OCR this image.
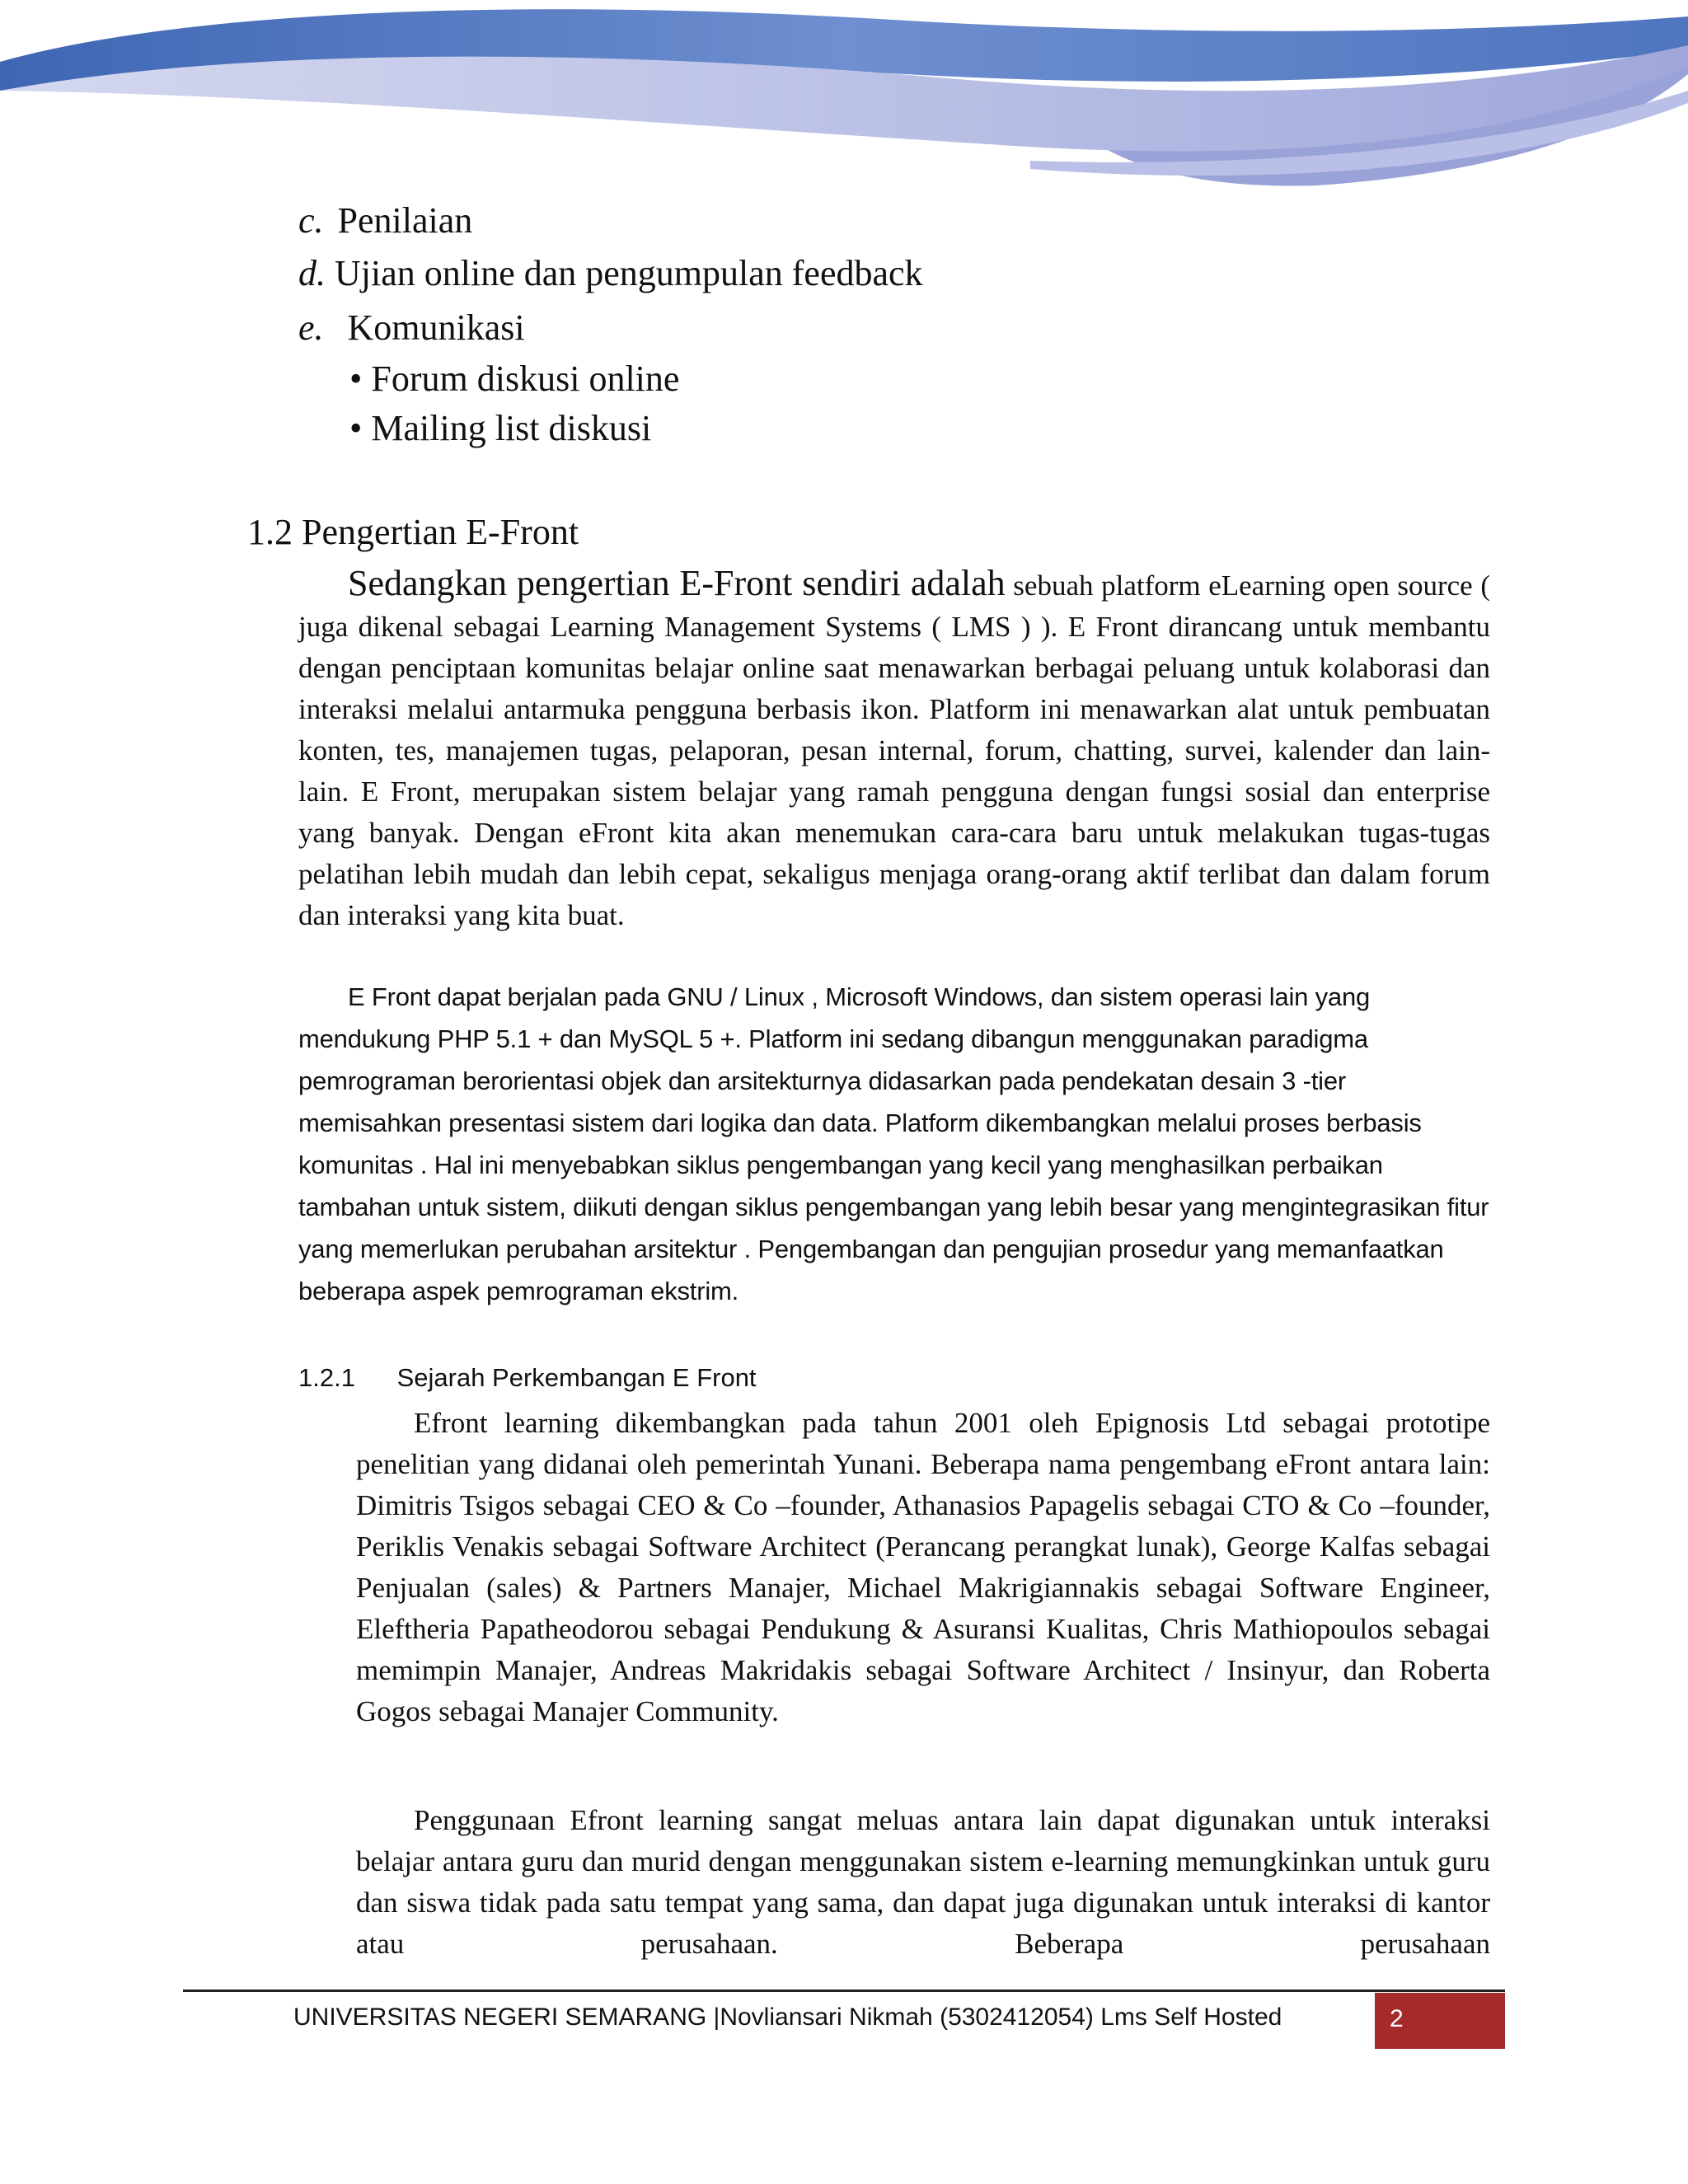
c. Penilaian
d. Ujian online dan pengumpulan feedback
e. Komunikasi
• Forum diskusi online
• Mailing list diskusi
1.2 Pengertian E-Front
Sedangkan pengertian E-Front sendiri adalah sebuah platform eLearning open source ( juga dikenal sebagai Learning Management Systems ( LMS ) ). E Front dirancang untuk membantu dengan penciptaan komunitas belajar online saat menawarkan berbagai peluang untuk kolaborasi dan interaksi melalui antarmuka pengguna berbasis ikon. Platform ini menawarkan alat untuk pembuatan konten, tes, manajemen tugas, pelaporan, pesan internal, forum, chatting, survei, kalender dan lain-lain. E Front, merupakan sistem belajar yang ramah pengguna dengan fungsi sosial dan enterprise yang banyak. Dengan eFront kita akan menemukan cara-cara baru untuk melakukan tugas-tugas pelatihan lebih mudah dan lebih cepat, sekaligus menjaga orang-orang aktif terlibat dan dalam forum dan interaksi yang kita buat.
E Front dapat berjalan pada GNU / Linux , Microsoft Windows, dan sistem operasi lain yang mendukung PHP 5.1 + dan MySQL 5 +. Platform ini sedang dibangun menggunakan paradigma pemrograman berorientasi objek dan arsitekturnya didasarkan pada pendekatan desain 3 -tier memisahkan presentasi sistem dari logika dan data. Platform dikembangkan melalui proses berbasis komunitas . Hal ini menyebabkan siklus pengembangan yang kecil yang menghasilkan perbaikan tambahan untuk sistem, diikuti dengan siklus pengembangan yang lebih besar yang mengintegrasikan fitur yang memerlukan perubahan arsitektur . Pengembangan dan pengujian prosedur yang memanfaatkan beberapa aspek pemrograman ekstrim.
1.2.1 Sejarah Perkembangan E Front
Efront learning dikembangkan pada tahun 2001 oleh Epignosis Ltd sebagai prototipe penelitian yang didanai oleh pemerintah Yunani. Beberapa nama pengembang eFront antara lain: Dimitris Tsigos sebagai CEO & Co –founder, Athanasios Papagelis sebagai CTO & Co –founder, Periklis Venakis sebagai Software Architect (Perancang perangkat lunak), George Kalfas sebagai Penjualan (sales) & Partners Manajer, Michael Makrigiannakis sebagai Software Engineer, Eleftheria Papatheodorou sebagai Pendukung & Asuransi Kualitas, Chris Mathiopoulos sebagai memimpin Manajer, Andreas Makridakis sebagai Software Architect / Insinyur, dan Roberta Gogos sebagai Manajer Community.
Penggunaan Efront learning sangat meluas antara lain dapat digunakan untuk interaksi belajar antara guru dan murid dengan menggunakan sistem e-learning memungkinkan untuk guru dan siswa tidak pada satu tempat yang sama, dan dapat juga digunakan untuk interaksi di kantor atau perusahaan. Beberapa perusahaan
UNIVERSITAS NEGERI SEMARANG |Novliansari Nikmah (5302412054) Lms Self Hosted	2
